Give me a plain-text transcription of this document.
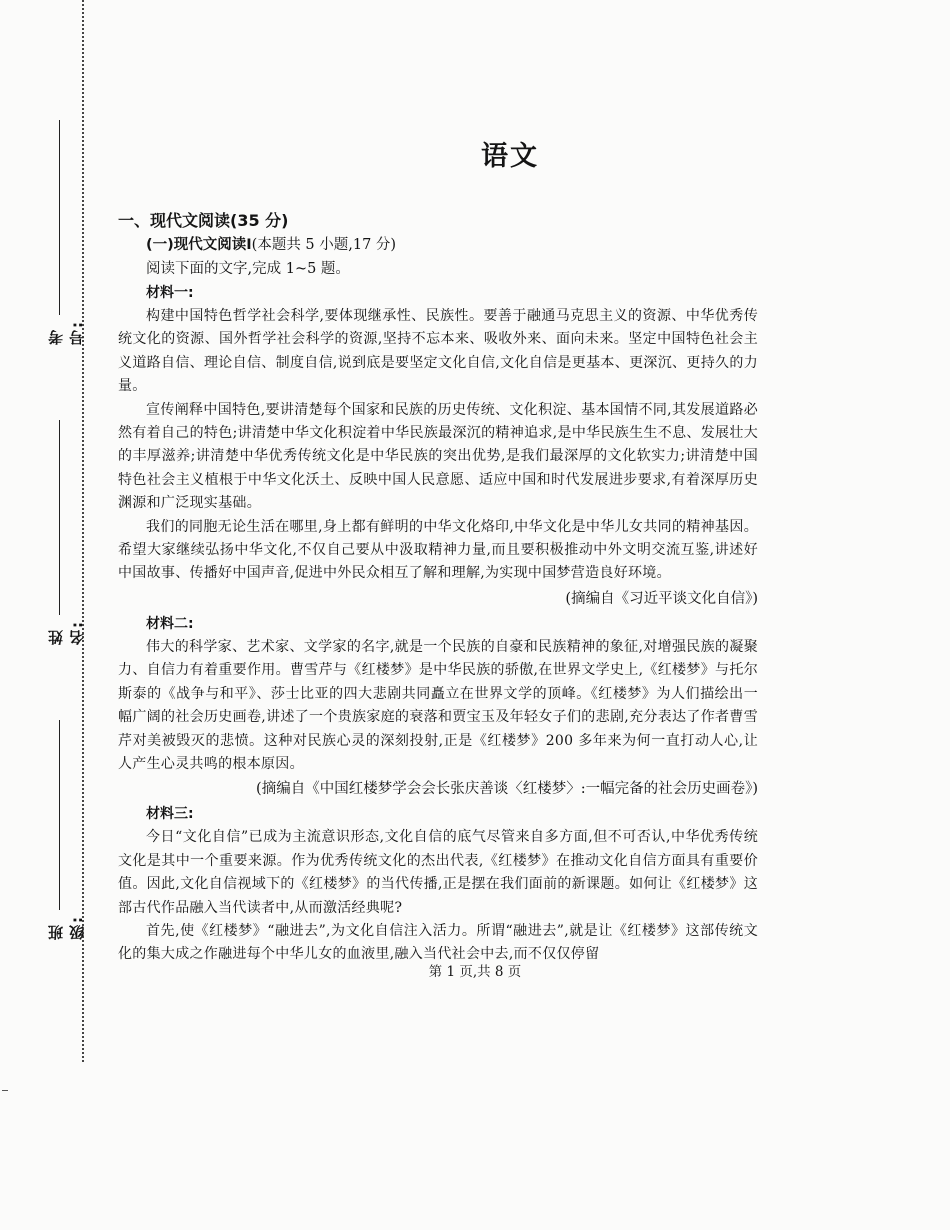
考号:
姓名:
班级:
语文
一、现代文阅读(35 分)
(一)现代文阅读Ⅰ(本题共 5 小题,17 分)
阅读下面的文字,完成 1~5 题。
材料一:

构建中国特色哲学社会科学,要体现继承性、民族性。要善于融通马克思主义的资源、中华优秀传统文化的资源、国外哲学社会科学的资源,坚持不忘本来、吸收外来、面向未来。坚定中国特色社会主义道路自信、理论自信、制度自信,说到底是要坚定文化自信,文化自信是更基本、更深沉、更持久的力量。

宣传阐释中国特色,要讲清楚每个国家和民族的历史传统、文化积淀、基本国情不同,其发展道路必然有着自己的特色;讲清楚中华文化积淀着中华民族最深沉的精神追求,是中华民族生生不息、发展壮大的丰厚滋养;讲清楚中华优秀传统文化是中华民族的突出优势,是我们最深厚的文化软实力;讲清楚中国特色社会主义植根于中华文化沃土、反映中国人民意愿、适应中国和时代发展进步要求,有着深厚历史渊源和广泛现实基础。

我们的同胞无论生活在哪里,身上都有鲜明的中华文化烙印,中华文化是中华儿女共同的精神基因。希望大家继续弘扬中华文化,不仅自己要从中汲取精神力量,而且要积极推动中外文明交流互鉴,讲述好中国故事、传播好中国声音,促进中外民众相互了解和理解,为实现中国梦营造良好环境。

(摘编自《习近平谈文化自信》)
材料二:

伟大的科学家、艺术家、文学家的名字,就是一个民族的自豪和民族精神的象征,对增强民族的凝聚力、自信力有着重要作用。曹雪芹与《红楼梦》是中华民族的骄傲,在世界文学史上,《红楼梦》与托尔斯泰的《战争与和平》、莎士比亚的四大悲剧共同矗立在世界文学的顶峰。《红楼梦》为人们描绘出一幅广阔的社会历史画卷,讲述了一个贵族家庭的衰落和贾宝玉及年轻女子们的悲剧,充分表达了作者曹雪芹对美被毁灭的悲愤。这种对民族心灵的深刻投射,正是《红楼梦》200 多年来为何一直打动人心,让人产生心灵共鸣的根本原因。

(摘编自《中国红楼梦学会会长张庆善谈〈红楼梦〉:一幅完备的社会历史画卷》)
材料三:

今日“文化自信”已成为主流意识形态,文化自信的底气尽管来自多方面,但不可否认,中华优秀传统文化是其中一个重要来源。作为优秀传统文化的杰出代表,《红楼梦》在推动文化自信方面具有重要价值。因此,文化自信视域下的《红楼梦》的当代传播,正是摆在我们面前的新课题。如何让《红楼梦》这部古代作品融入当代读者中,从而激活经典呢?

首先,使《红楼梦》“融进去”,为文化自信注入活力。所谓“融进去”,就是让《红楼梦》这部传统文化的集大成之作融进每个中华儿女的血液里,融入当代社会中去,而不仅仅停留

第 1 页,共 8 页
